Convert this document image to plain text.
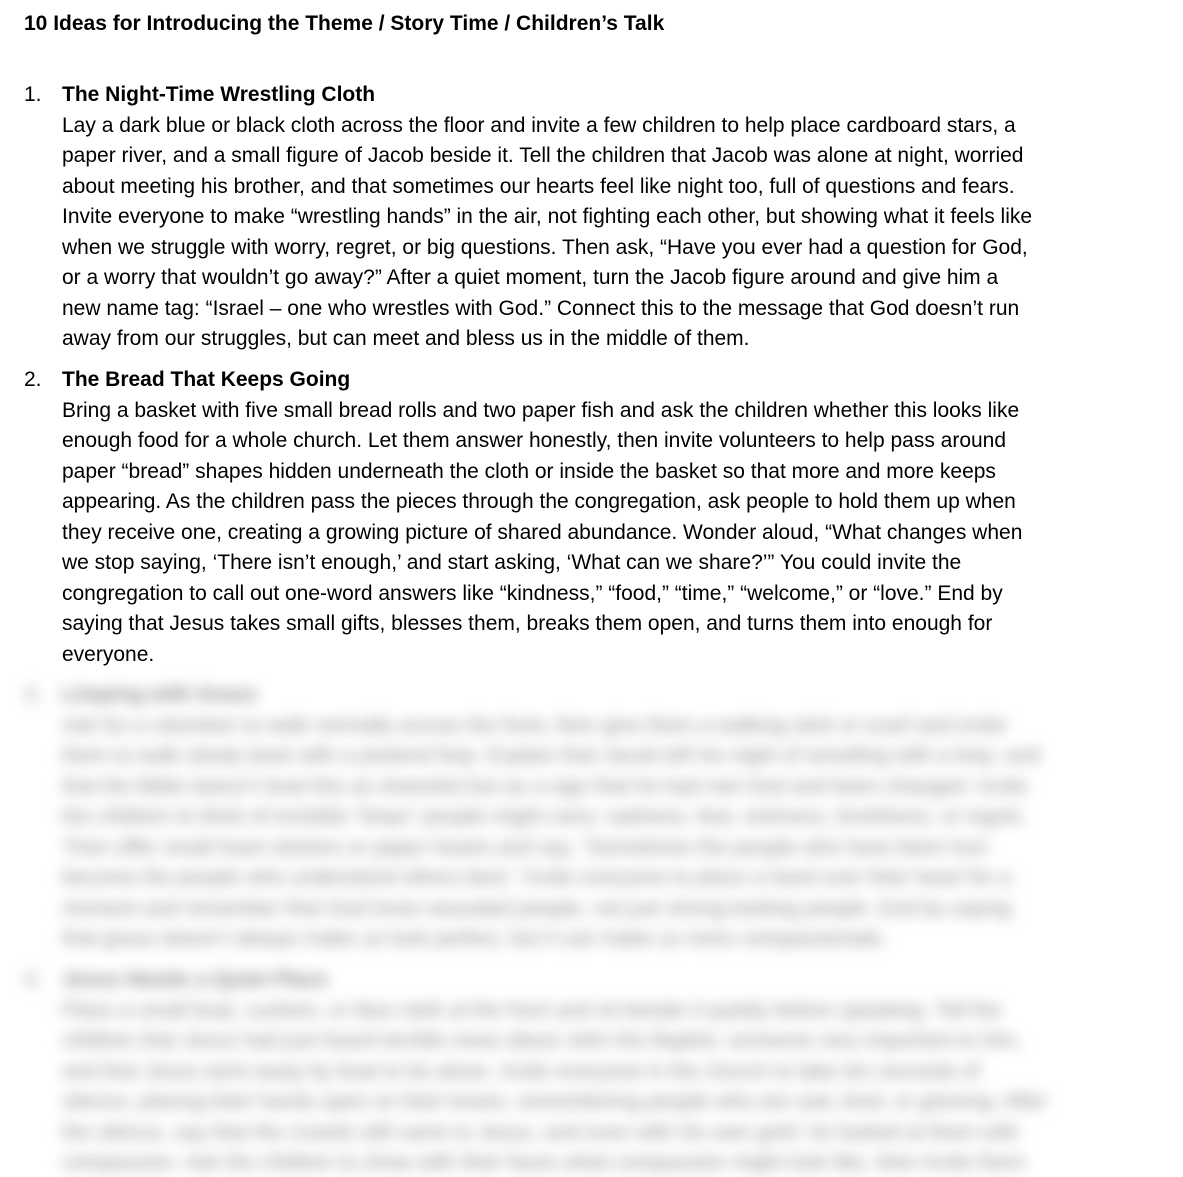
10 Ideas for Introducing the Theme / Story Time / Children’s Talk
1. The Night-Time Wrestling Cloth
Lay a dark blue or black cloth across the floor and invite a few children to help place cardboard stars, a
paper river, and a small figure of Jacob beside it. Tell the children that Jacob was alone at night, worried
about meeting his brother, and that sometimes our hearts feel like night too, full of questions and fears.
Invite everyone to make “wrestling hands” in the air, not fighting each other, but showing what it feels like
when we struggle with worry, regret, or big questions. Then ask, “Have you ever had a question for God,
or a worry that wouldn’t go away?” After a quiet moment, turn the Jacob figure around and give him a
new name tag: “Israel – one who wrestles with God.” Connect this to the message that God doesn’t run
away from our struggles, but can meet and bless us in the middle of them.
2. The Bread That Keeps Going
Bring a basket with five small bread rolls and two paper fish and ask the children whether this looks like
enough food for a whole church. Let them answer honestly, then invite volunteers to help pass around
paper “bread” shapes hidden underneath the cloth or inside the basket so that more and more keeps
appearing. As the children pass the pieces through the congregation, ask people to hold them up when
they receive one, creating a growing picture of shared abundance. Wonder aloud, “What changes when
we stop saying, ‘There isn’t enough,’ and start asking, ‘What can we share?’” You could invite the
congregation to call out one-word answers like “kindness,” “food,” “time,” “welcome,” or “love.” End by
saying that Jesus takes small gifts, blesses them, breaks them open, and turns them into enough for
everyone.
3. Limping with Grace
Ask for a volunteer to walk normally across the front, then give them a walking stick or scarf and invite
them to walk slowly back with a pretend limp. Explain that Jacob left his night of wrestling with a limp, and
that the Bible doesn’t treat this as shameful but as a sign that he had met God and been changed. Invite
the children to think of invisible “limps” people might carry: sadness, fear, sickness, loneliness, or regret.
Then offer small heart stickers or paper hearts and say, “Sometimes the people who have been hurt
become the people who understand others best.” Invite everyone to place a hand over their heart for a
moment and remember that God loves wounded people, not just strong-looking people. End by saying
that grace doesn’t always make us look perfect, but it can make us more compassionate.
4. Jesus Needs a Quiet Place
Place a small boat, cushion, or blue cloth at the front and sit beside it quietly before speaking. Tell the
children that Jesus had just heard terrible news about John the Baptist, someone very important to him,
and that Jesus went away by boat to be alone. Invite everyone in the church to take ten seconds of
silence, placing their hands open on their knees, remembering people who are sad, tired, or grieving. After
the silence, say that the crowds still came to Jesus, and even with his own grief, he looked at them with
compassion. Ask the children to show with their faces what compassion might look like, then invite them
